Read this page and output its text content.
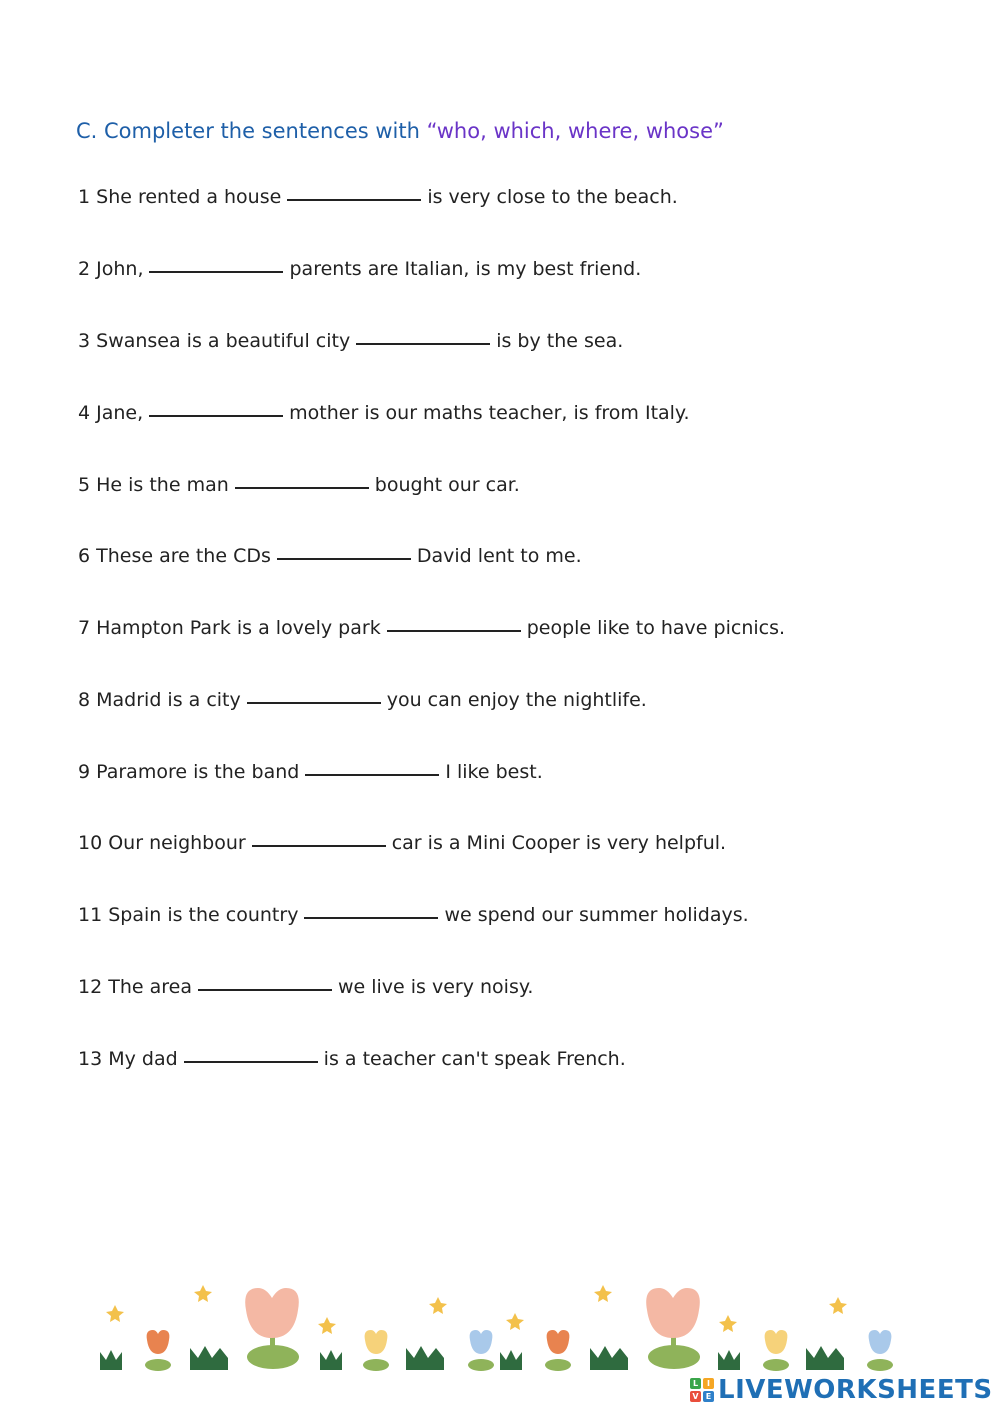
C. Completer the sentences with “who, which, where, whose”
1 She rented a house	is very close to the beach.
2 John,	parents are Italian, is my best friend.
3 Swansea is a beautiful city	is by the sea.
4 Jane,	mother is our maths teacher, is from Italy.
5 He is the man	bought our car.
6 These are the CDs	David lent to me.
7 Hampton Park is a lovely park	people like to have picnics.
8 Madrid is a city	you can enjoy the nightlife.
9 Paramore is the band	I like best.
10 Our neighbour	car is a Mini Cooper is very helpful.
11 Spain is the country	we spend our summer holidays.
12 The area	we live is very noisy.
13 My dad	is a teacher can't speak French.
L	I
V E LIVEWORKSHEETS
